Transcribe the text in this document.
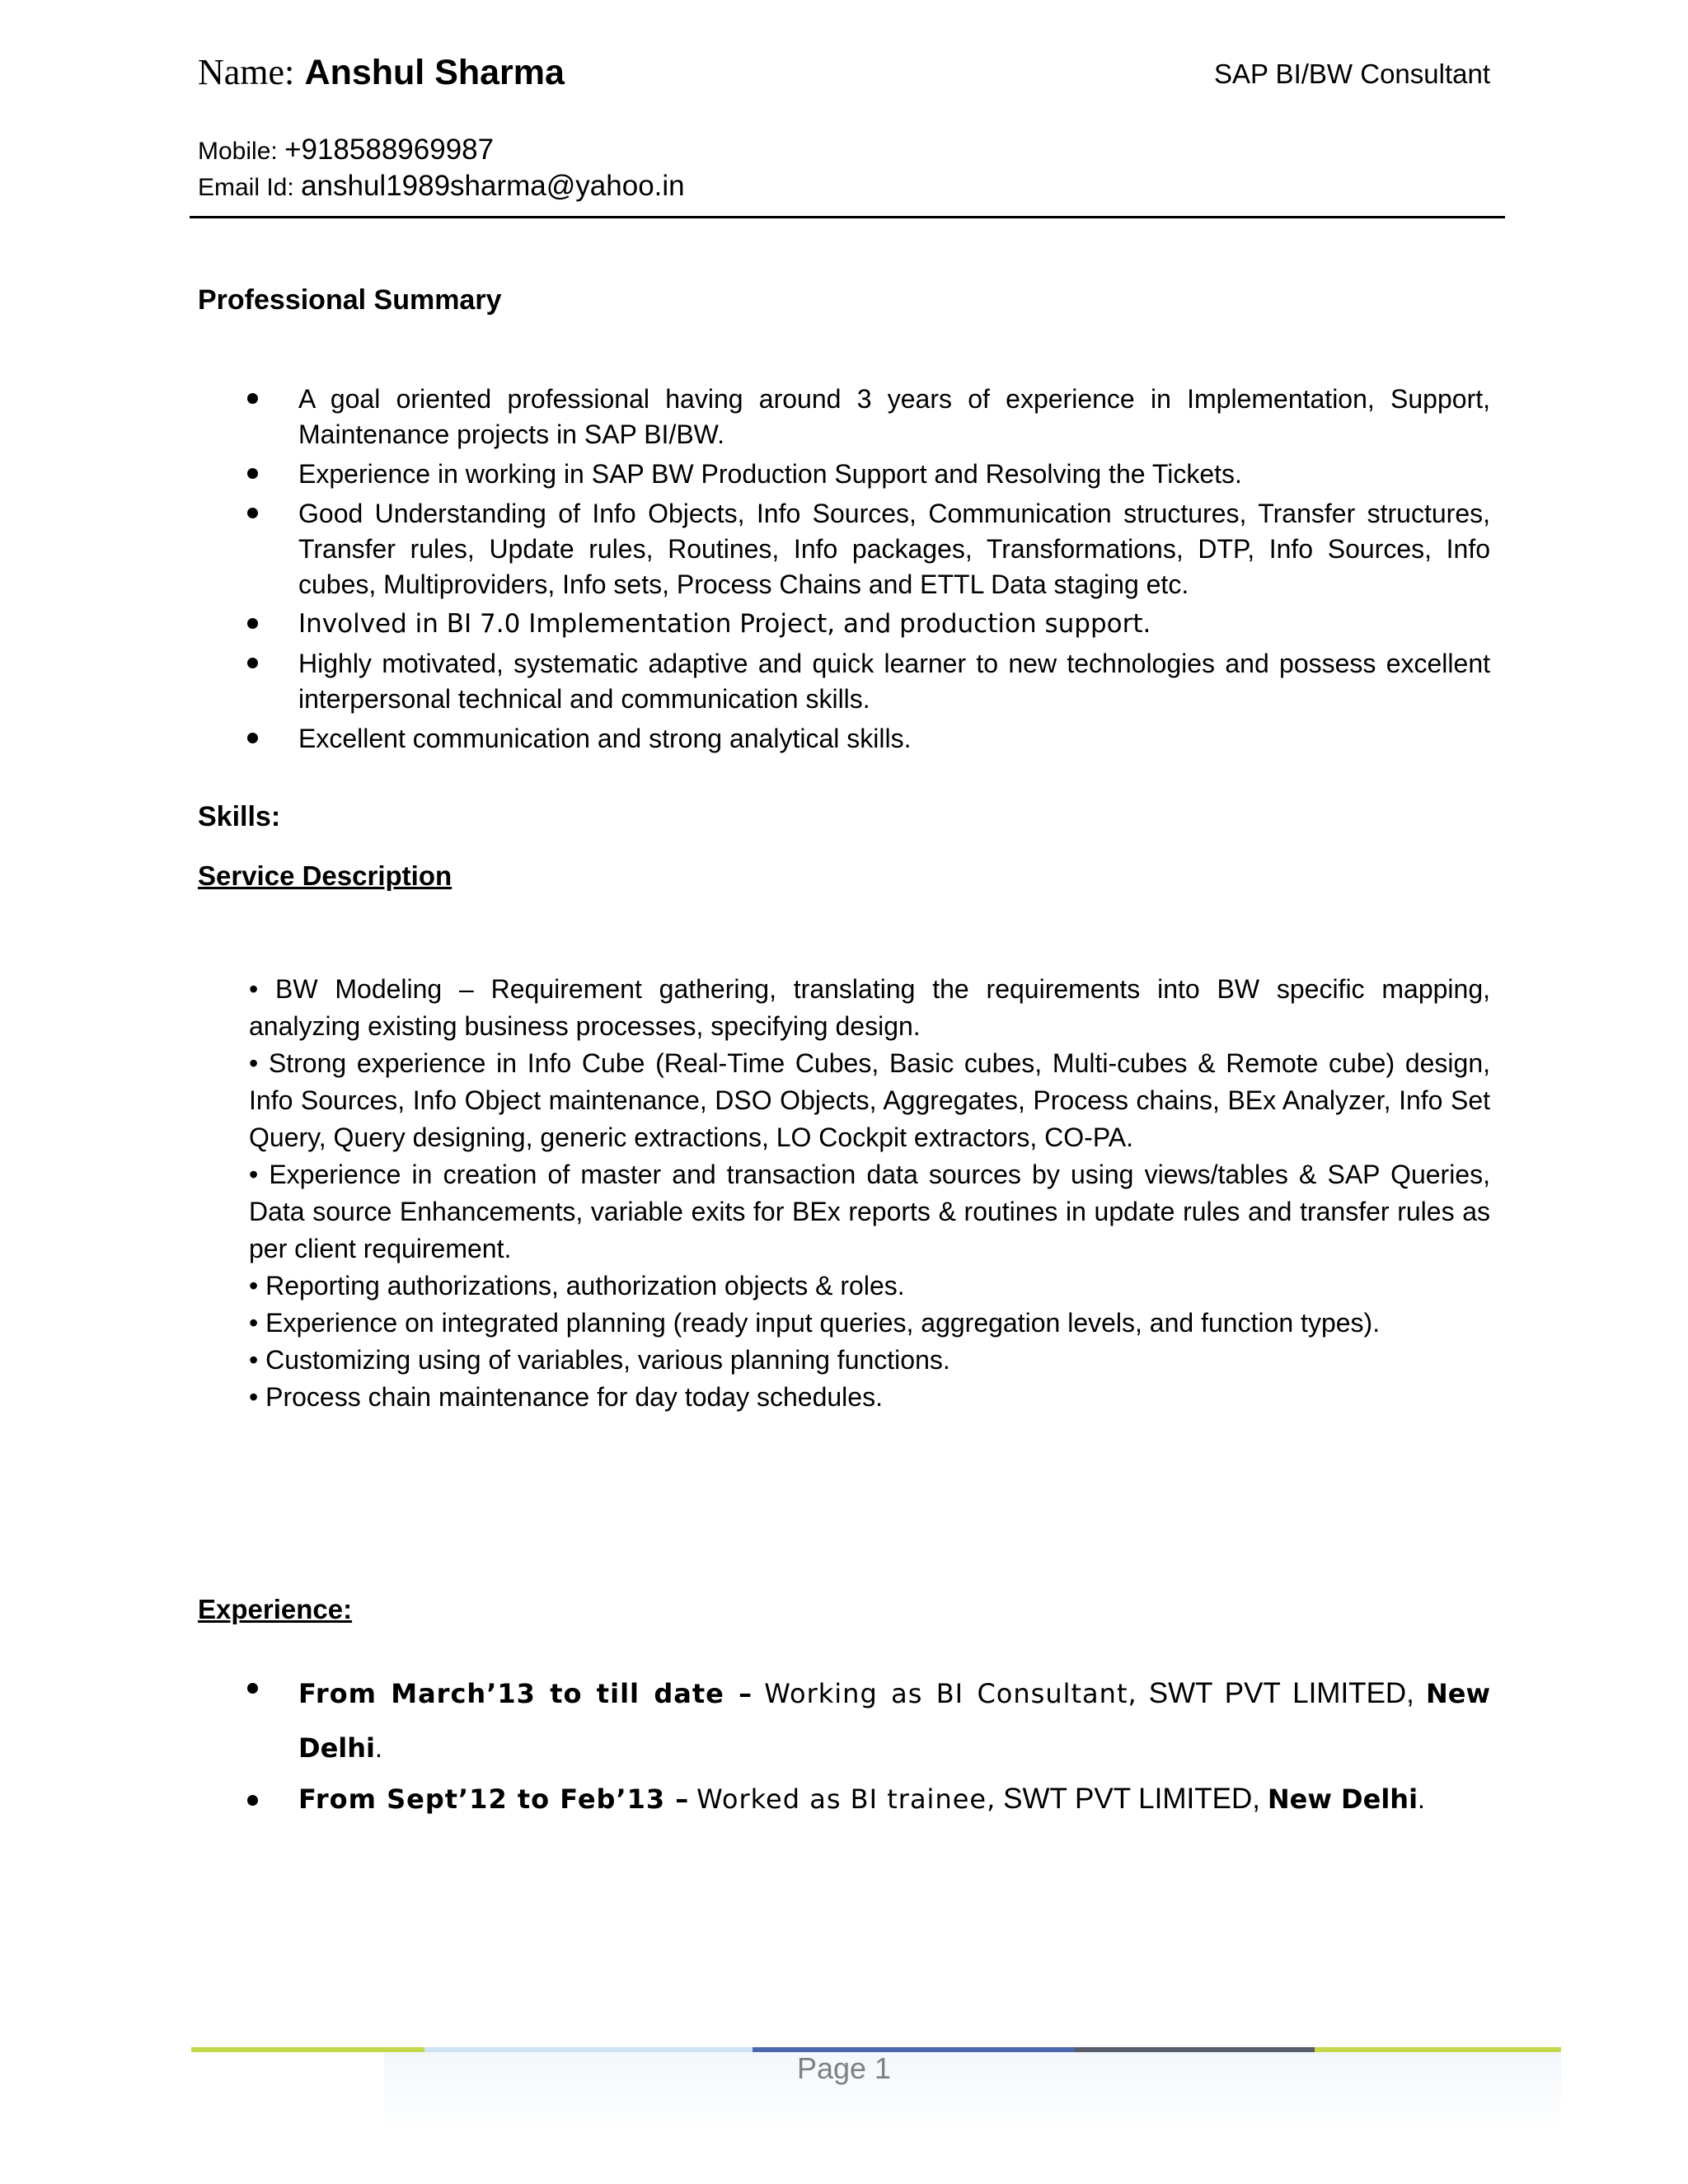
Name: Anshul Sharma	SAP BI/BW Consultant
Mobile: +918588969987
Email Id: anshul1989sharma@yahoo.in
Professional Summary
A goal oriented professional having around 3 years of experience in Implementation, Support, Maintenance projects in SAP BI/BW.
Experience in working in SAP BW Production Support and Resolving the Tickets.
Good Understanding of Info Objects, Info Sources, Communication structures, Transfer structures, Transfer rules, Update rules, Routines, Info packages, Transformations, DTP, Info Sources, Info cubes, Multiproviders, Info sets, Process Chains and ETTL Data staging etc.
Involved in BI 7.0 Implementation Project, and production support.
Highly motivated, systematic adaptive and quick learner to new technologies and possess excellent interpersonal technical and communication skills.
Excellent communication and strong analytical skills.
Skills:
Service Description

• BW Modeling – Requirement gathering, translating the requirements into BW specific mapping, analyzing existing business processes, specifying design.

• Strong experience in Info Cube (Real-Time Cubes, Basic cubes, Multi-cubes & Remote cube) design, Info Sources, Info Object maintenance, DSO Objects, Aggregates, Process chains, BEx Analyzer, Info Set Query, Query designing, generic extractions, LO Cockpit extractors, CO-PA.

• Experience in creation of master and transaction data sources by using views/tables & SAP Queries, Data source Enhancements, variable exits for BEx reports & routines in update rules and transfer rules as per client requirement.

• Reporting authorizations, authorization objects & roles.

• Experience on integrated planning (ready input queries, aggregation levels, and function types).

• Customizing using of variables, various planning functions.

• Process chain maintenance for day today schedules.

Experience:
From March’13 to till date – Working as BI Consultant, SWT PVT LIMITED, New Delhi.
From Sept’12 to Feb’13 – Worked as BI trainee, SWT PVT LIMITED, New Delhi.
Page 1
